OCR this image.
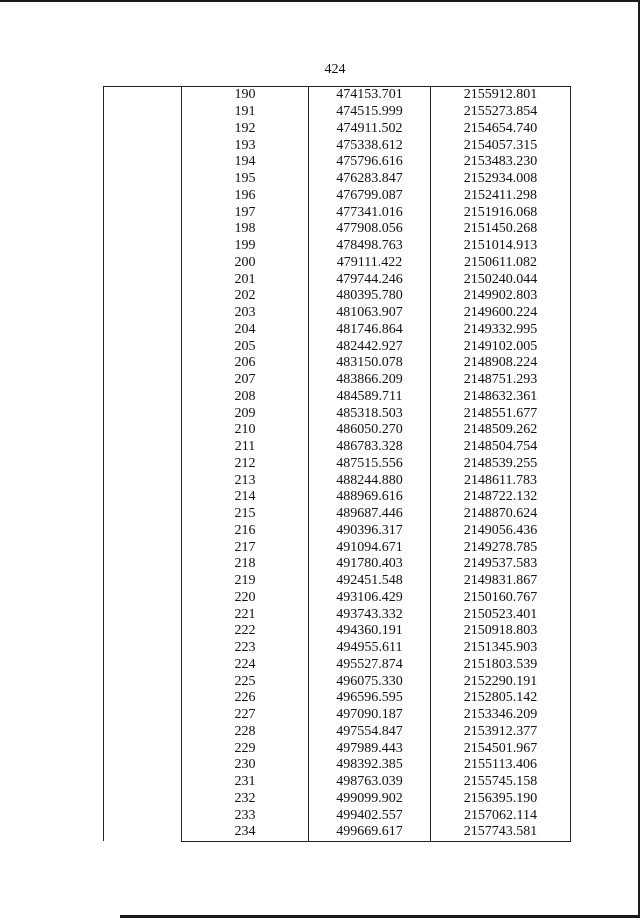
424
	190	474153.701	2155912.801
	191	474515.999	2155273.854
	192	474911.502	2154654.740
	193	475338.612	2154057.315
	194	475796.616	2153483.230
	195	476283.847	2152934.008
	196	476799.087	2152411.298
	197	477341.016	2151916.068
	198	477908.056	2151450.268
	199	478498.763	2151014.913
	200	479111.422	2150611.082
	201	479744.246	2150240.044
	202	480395.780	2149902.803
	203	481063.907	2149600.224
	204	481746.864	2149332.995
	205	482442.927	2149102.005
	206	483150.078	2148908.224
	207	483866.209	2148751.293
	208	484589.711	2148632.361
	209	485318.503	2148551.677
	210	486050.270	2148509.262
	211	486783.328	2148504.754
	212	487515.556	2148539.255
	213	488244.880	2148611.783
	214	488969.616	2148722.132
	215	489687.446	2148870.624
	216	490396.317	2149056.436
	217	491094.671	2149278.785
	218	491780.403	2149537.583
	219	492451.548	2149831.867
	220	493106.429	2150160.767
	221	493743.332	2150523.401
	222	494360.191	2150918.803
	223	494955.611	2151345.903
	224	495527.874	2151803.539
	225	496075.330	2152290.191
	226	496596.595	2152805.142
	227	497090.187	2153346.209
	228	497554.847	2153912.377
	229	497989.443	2154501.967
	230	498392.385	2155113.406
	231	498763.039	2155745.158
	232	499099.902	2156395.190
	233	499402.557	2157062.114
	234	499669.617	2157743.581
